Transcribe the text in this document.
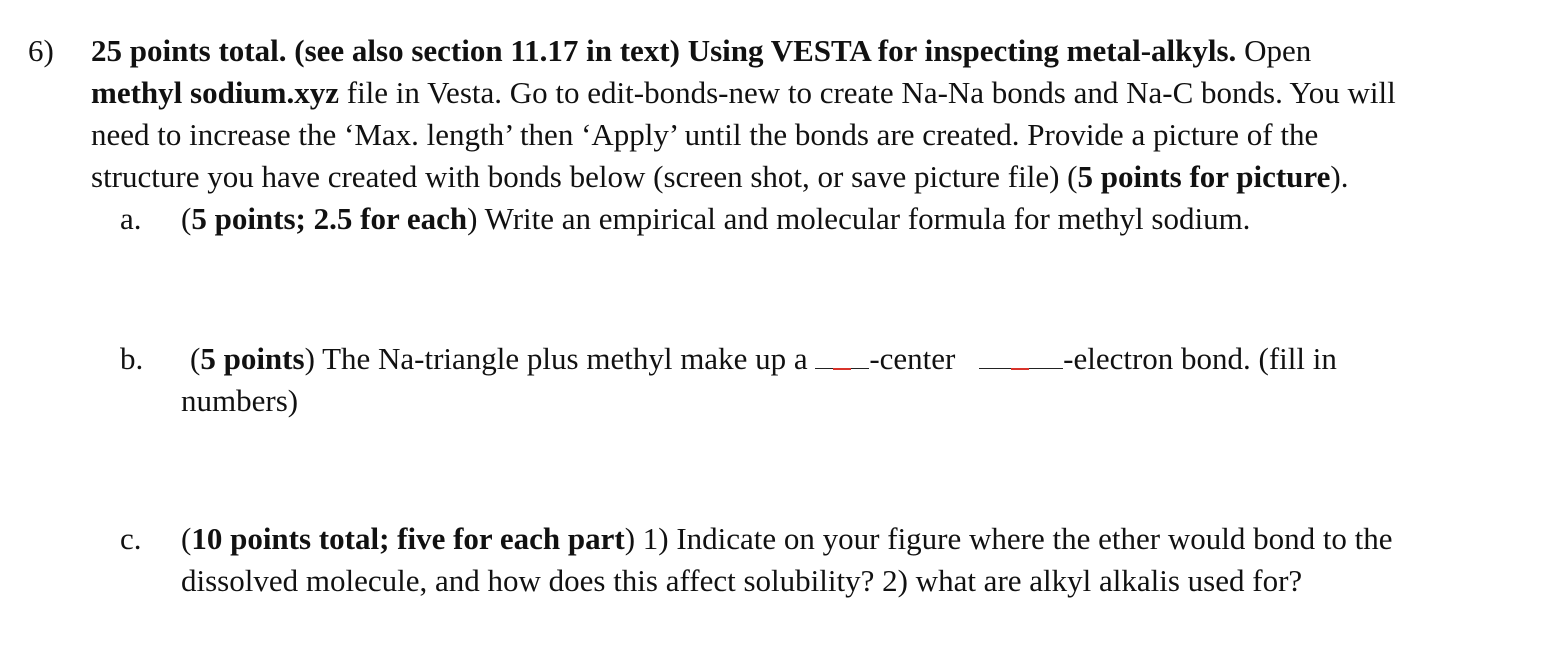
6) 25 points total. (see also section 11.17 in text) Using VESTA for inspecting metal-alkyls. Open
methyl sodium.xyz file in Vesta. Go to edit-bonds-new to create Na-Na bonds and Na-C bonds. You will
need to increase the ‘Max. length’ then ‘Apply’ until the bonds are created. Provide a picture of the
structure you have created with bonds below (screen shot, or save picture file) (5 points for picture).
a. (5 points; 2.5 for each) Write an empirical and molecular formula for methyl sodium.
b. (5 points) The Na-triangle plus methyl make up a
-center	-electron bond. (fill in
numbers)
c. (10 points total; five for each part) 1) Indicate on your figure where the ether would bond to the
dissolved molecule, and how does this affect solubility? 2) what are alkyl alkalis used for?
